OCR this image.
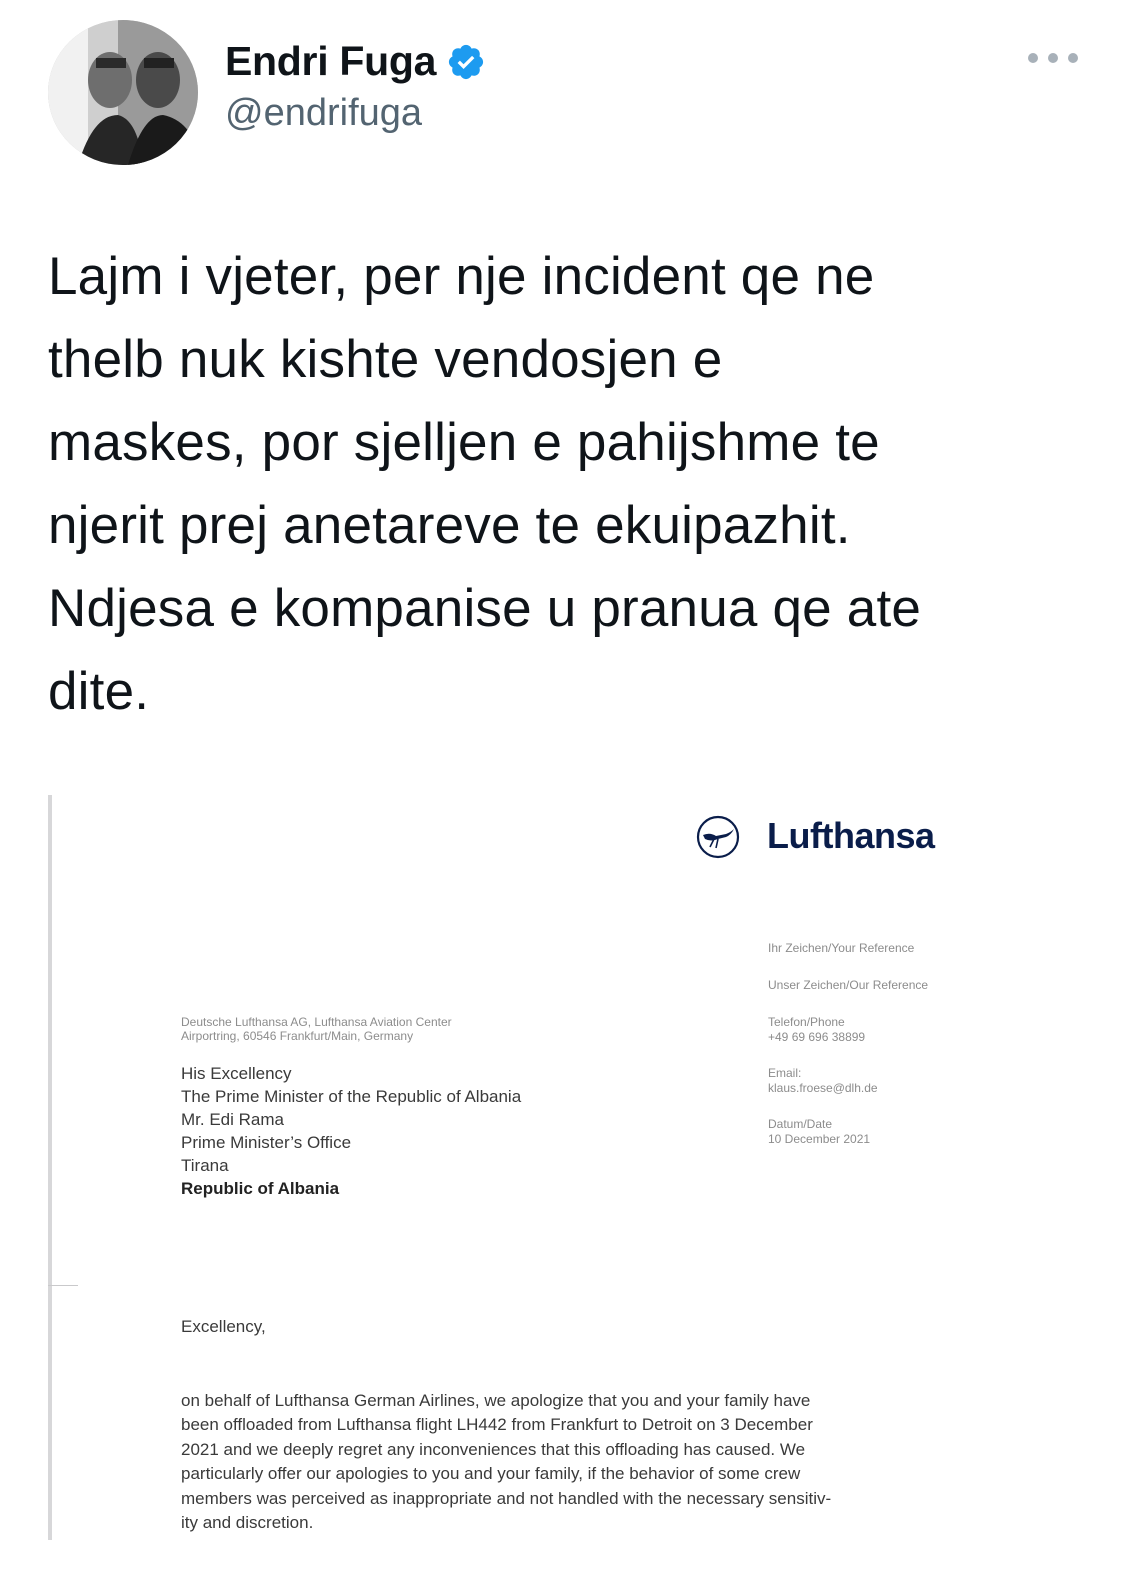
Endri Fuga
@endrifuga
Lajm i vjeter, per nje incident qe ne
thelb nuk kishte vendosjen e
maskes, por sjelljen e pahijshme te
njerit prej anetareve te ekuipazhit.
Ndjesa e kompanise u pranua qe ate
dite.
Lufthansa
Ihr Zeichen/Your Reference
Unser Zeichen/Our Reference
Telefon/Phone
+49 69 696 38899
Email:
klaus.froese@dlh.de
Datum/Date
10 December 2021
Deutsche Lufthansa AG, Lufthansa Aviation Center
Airportring, 60546 Frankfurt/Main, Germany
His Excellency
The Prime Minister of the Republic of Albania
Mr. Edi Rama
Prime Minister’s Office
Tirana
Republic of Albania
Excellency,
on behalf of Lufthansa German Airlines, we apologize that you and your family have
been offloaded from Lufthansa flight LH442 from Frankfurt to Detroit on 3 December
2021 and we deeply regret any inconveniences that this offloading has caused. We
particularly offer our apologies to you and your family, if the behavior of some crew
members was perceived as inappropriate and not handled with the necessary sensitiv-
ity and discretion.
